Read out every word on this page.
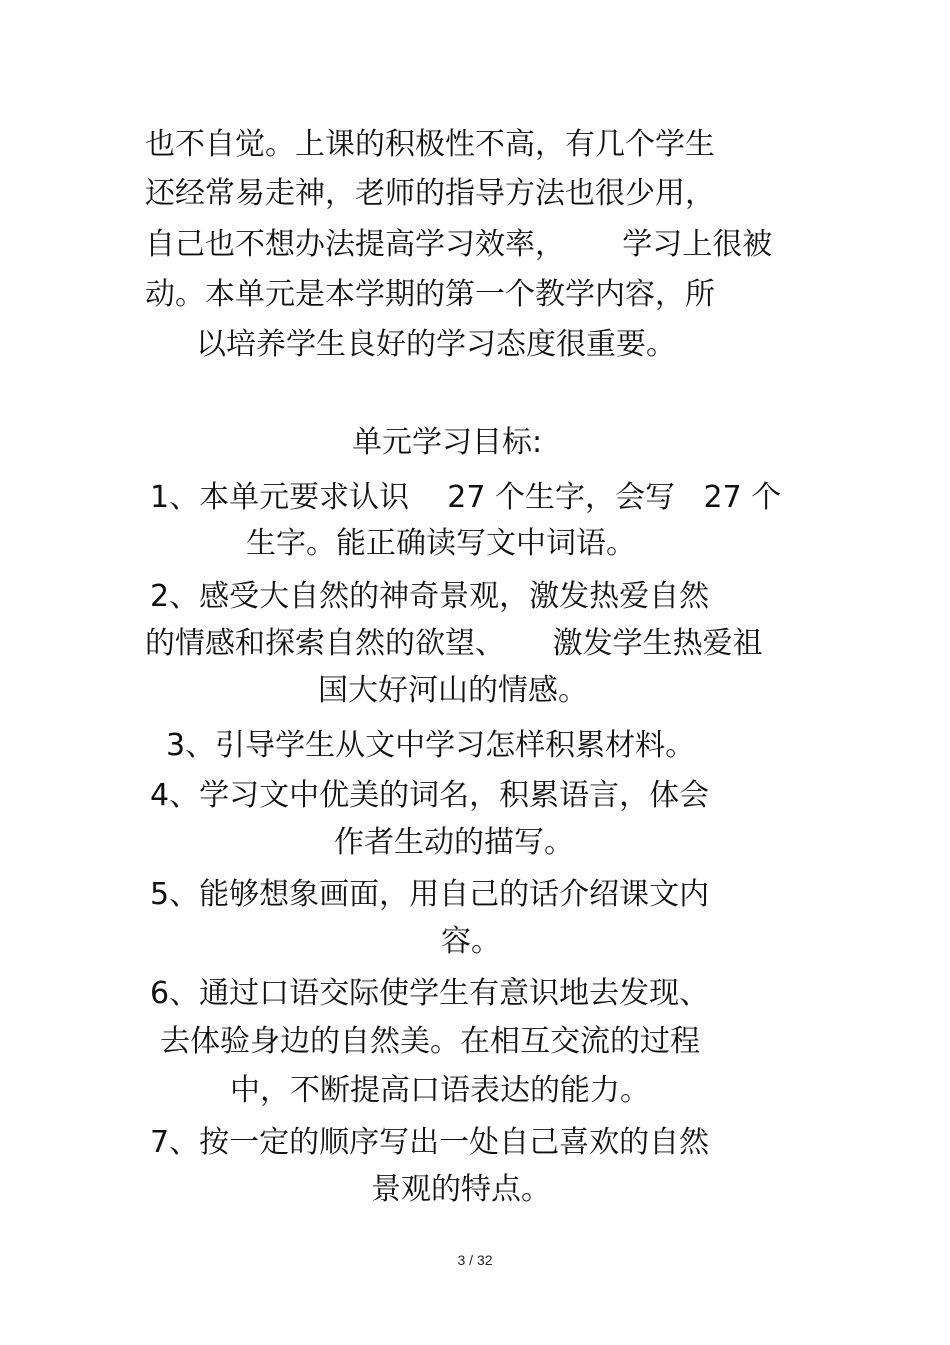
也不自觉。上课的积极性不高，有几个学生
还经常易走神，老师的指导方法也很少用，
自己也不想办法提高学习效率，      学习上很被
动。本单元是本学期的第一个教学内容，所
以培养学生良好的学习态度很重要。
单元学习目标:
1、本单元要求认识    27 个生字，会写   27 个
生字。能正确读写文中词语。
2、感受大自然的神奇景观，激发热爱自然
的情感和探索自然的欲望、     激发学生热爱祖
国大好河山的情感。
3、引导学生从文中学习怎样积累材料。
4、学习文中优美的词名，积累语言，体会
作者生动的描写。
5、能够想象画面，用自己的话介绍课文内
容。
6、通过口语交际使学生有意识地去发现、
去体验身边的自然美。在相互交流的过程
中，不断提高口语表达的能力。
7、按一定的顺序写出一处自己喜欢的自然
景观的特点。
3 / 32
